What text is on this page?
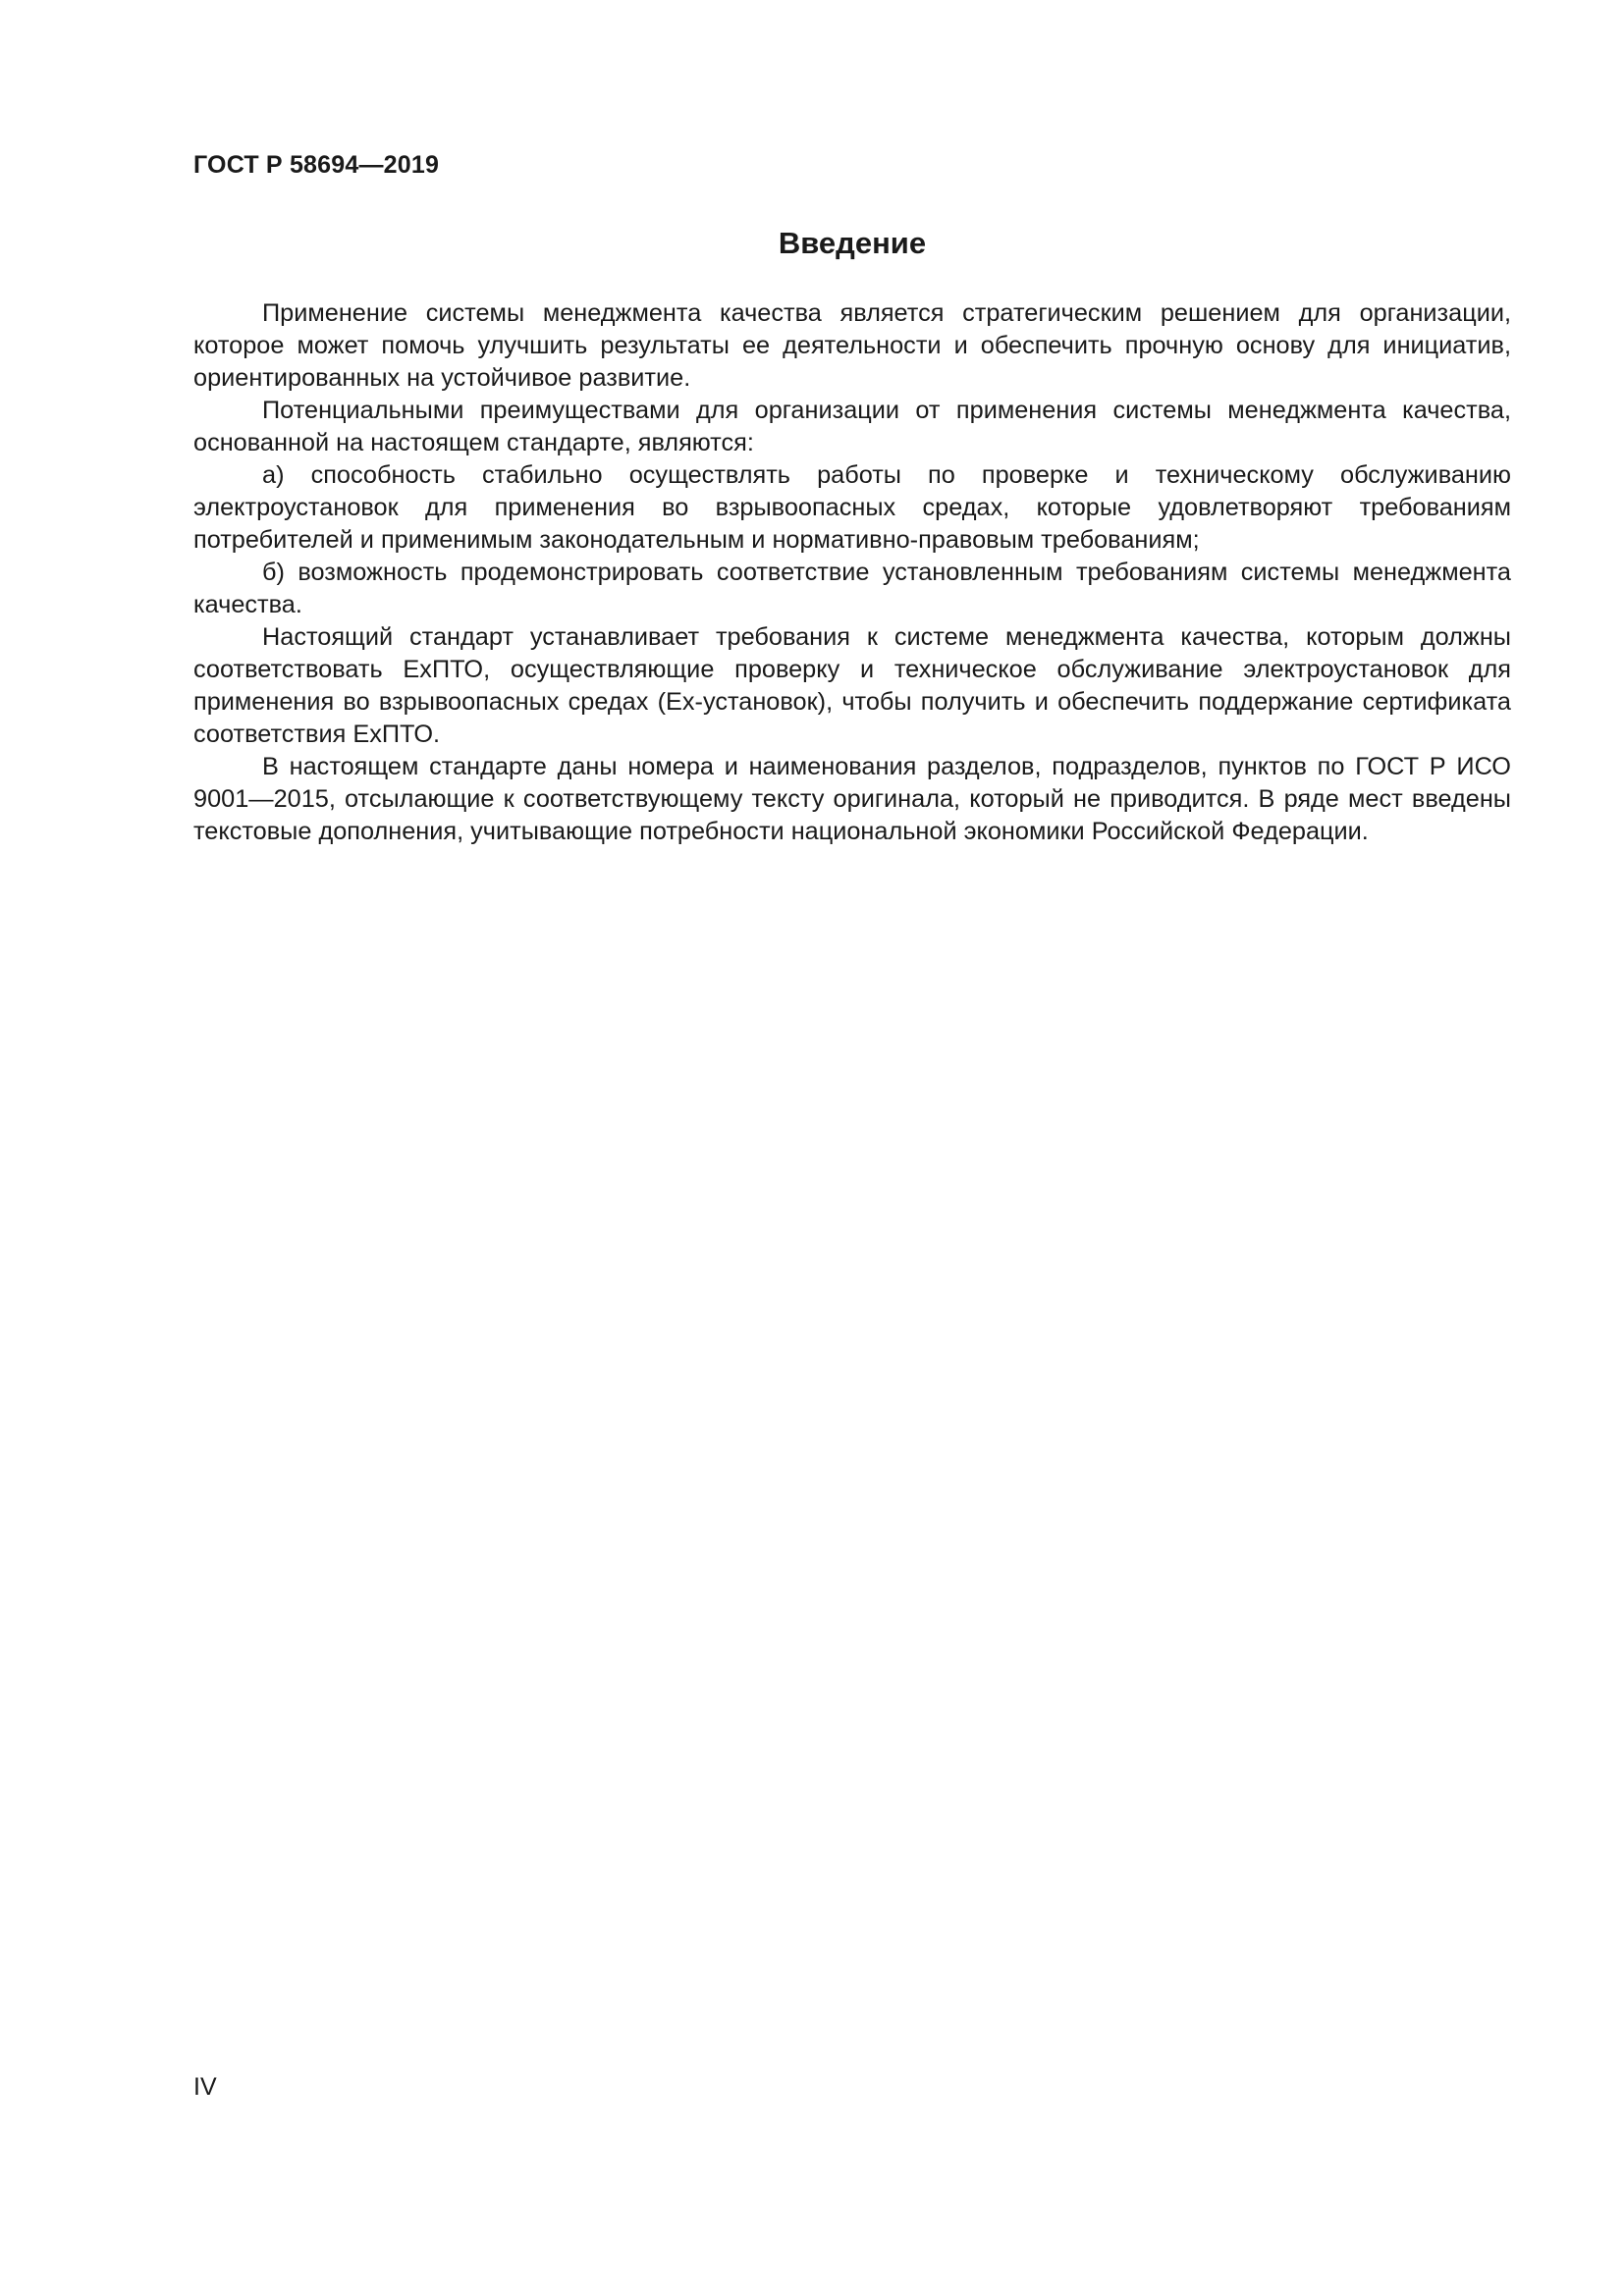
ГОСТ Р 58694—2019

Введение

Применение системы менеджмента качества является стратегическим решением для организации, которое может помочь улучшить результаты ее деятельности и обеспечить прочную основу для инициатив, ориентированных на устойчивое развитие.

Потенциальными преимуществами для организации от применения системы менеджмента качества, основанной на настоящем стандарте, являются:

а) способность стабильно осуществлять работы по проверке и техническому обслуживанию электроустановок для применения во взрывоопасных средах, которые удовлетворяют требованиям потребителей и применимым законодательным и нормативно-правовым требованиям;

б) возможность продемонстрировать соответствие установленным требованиям системы менеджмента качества.

Настоящий стандарт устанавливает требования к системе менеджмента качества, которым должны соответствовать ExПТО, осуществляющие проверку и техническое обслуживание электроустановок для применения во взрывоопасных средах (Ex-установок), чтобы получить и обеспечить поддержание сертификата соответствия ExПТО.

В настоящем стандарте даны номера и наименования разделов, подразделов, пунктов по ГОСТ Р ИСО 9001—2015, отсылающие к соответствующему тексту оригинала, который не приводится. В ряде мест введены текстовые дополнения, учитывающие потребности национальной экономики Российской Федерации.

IV
